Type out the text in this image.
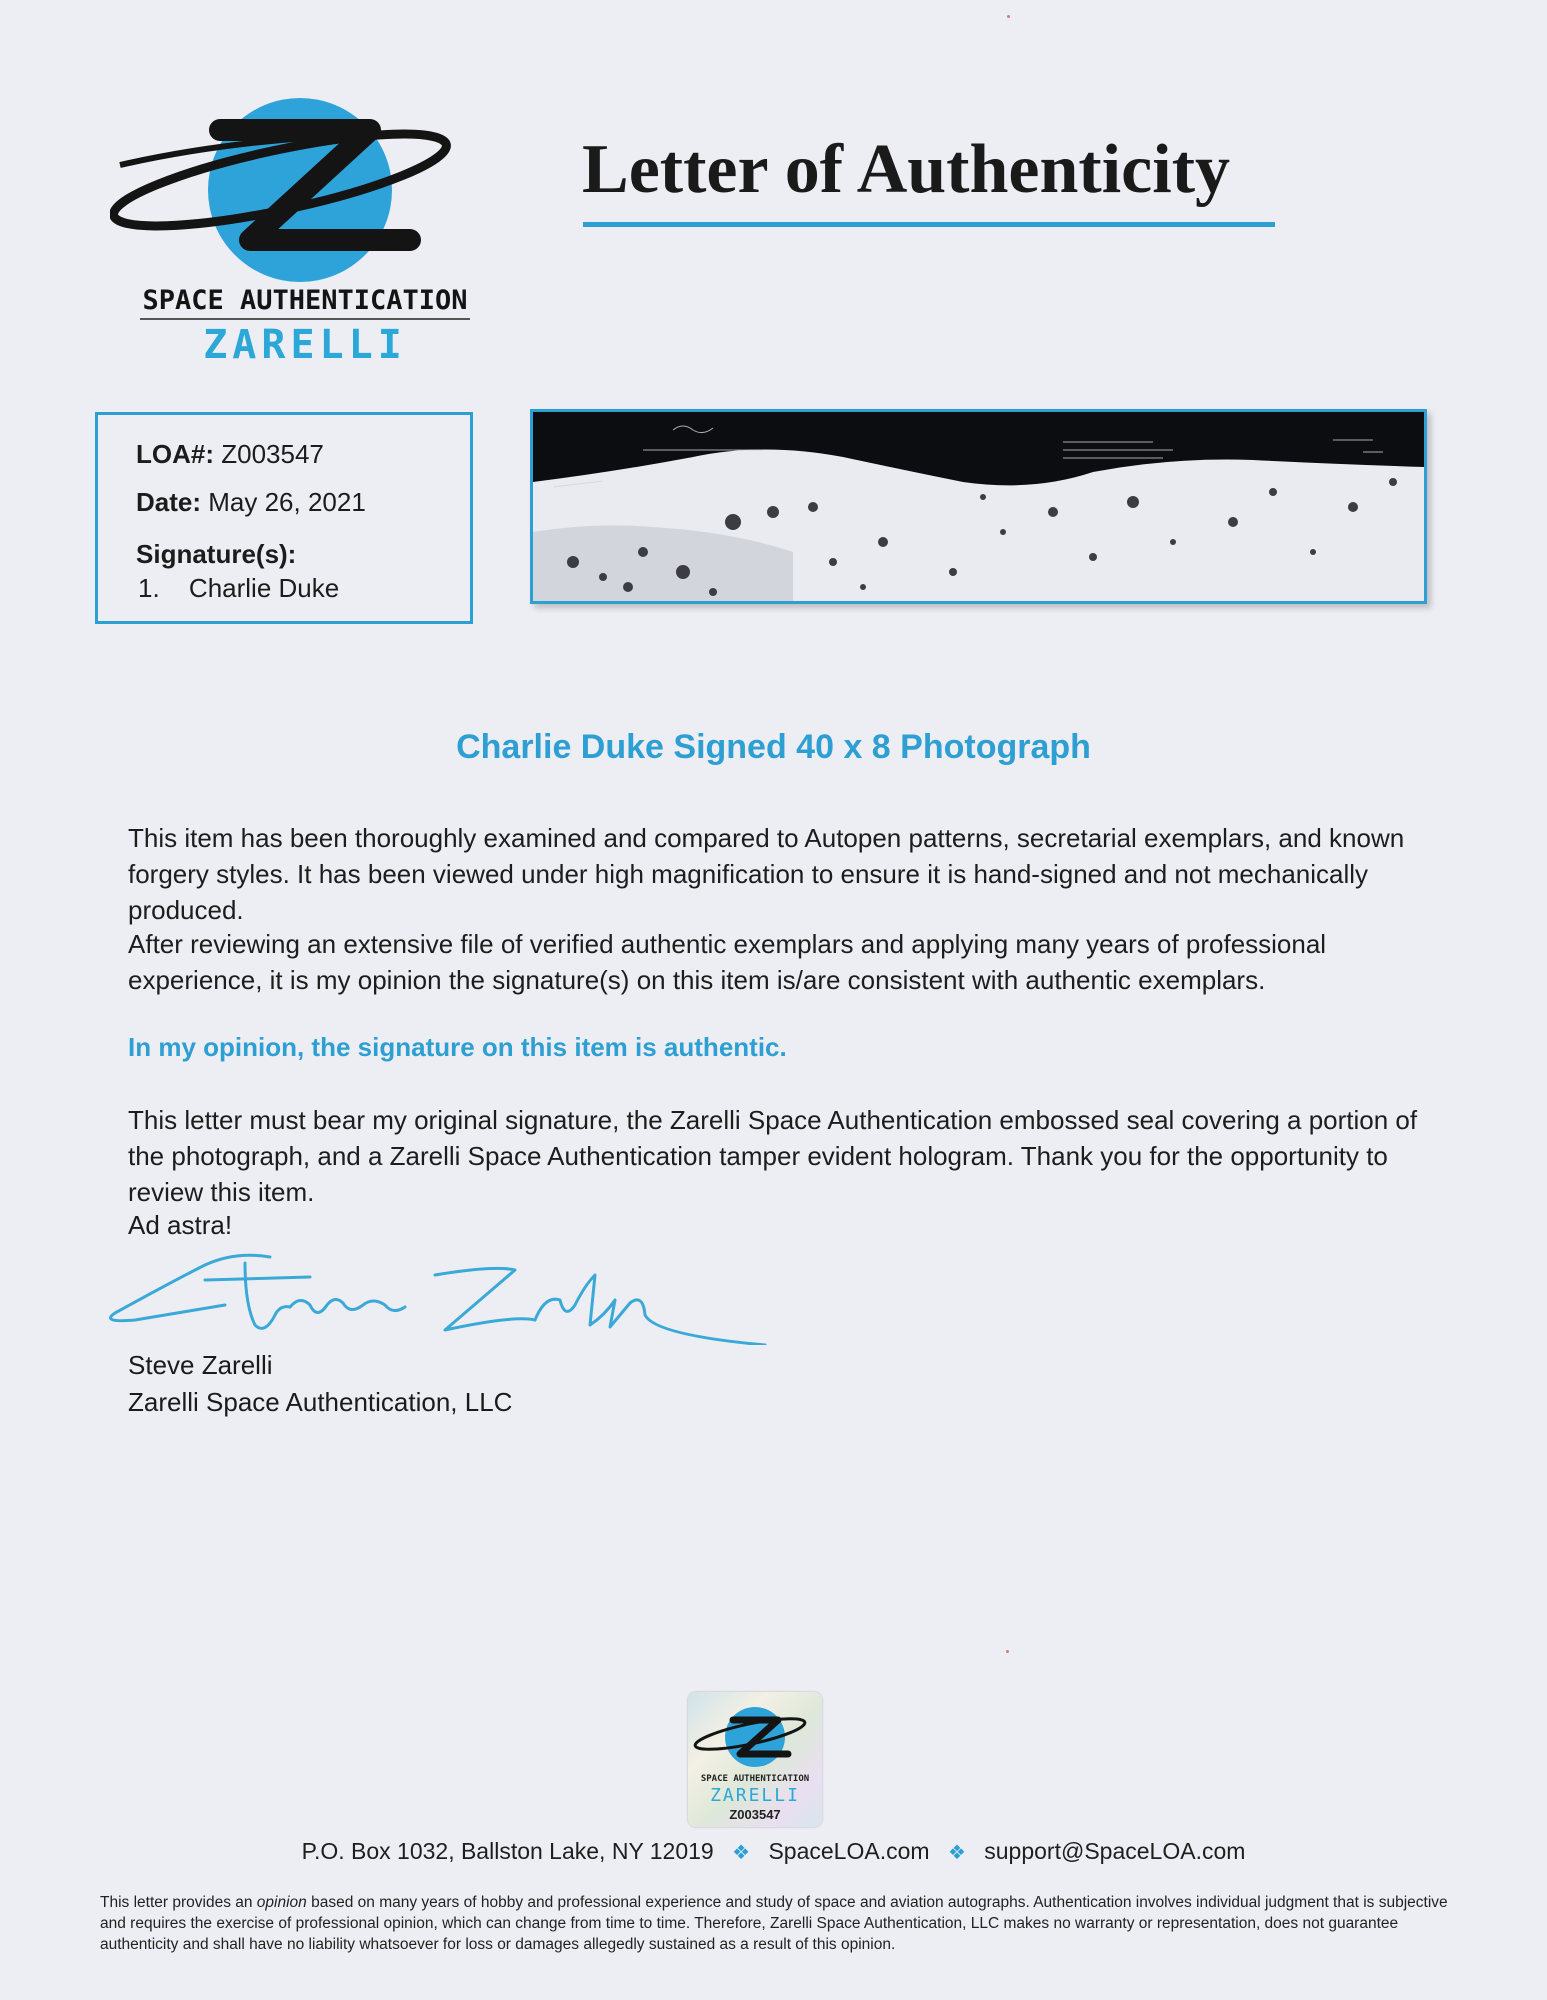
SPACE AUTHENTICATION
ZARELLI
Letter of Authenticity
LOA#: Z003547
Date: May 26, 2021
Signature(s):
1. Charlie Duke
Charlie Duke Signed 40 x 8 Photograph
This item has been thoroughly examined and compared to Autopen patterns, secretarial exemplars, and known forgery styles. It has been viewed under high magnification to ensure it is hand-signed and not mechanically produced.
After reviewing an extensive file of verified authentic exemplars and applying many years of professional experience, it is my opinion the signature(s) on this item is/are consistent with authentic exemplars.
In my opinion, the signature on this item is authentic.
This letter must bear my original signature, the Zarelli Space Authentication embossed seal covering a portion of the photograph, and a Zarelli Space Authentication tamper evident hologram. Thank you for the opportunity to review this item.
Ad astra!
Steve Zarelli
Zarelli Space Authentication, LLC
SPACE AUTHENTICATION
ZARELLI
Z003547
P.O. Box 1032, Ballston Lake, NY 12019 ❖ SpaceLOA.com ❖ support@SpaceLOA.com
This letter provides an opinion based on many years of hobby and professional experience and study of space and aviation autographs. Authentication involves individual judgment that is subjective and requires the exercise of professional opinion, which can change from time to time. Therefore, Zarelli Space Authentication, LLC makes no warranty or representation, does not guarantee authenticity and shall have no liability whatsoever for loss or damages allegedly sustained as a result of this opinion.
